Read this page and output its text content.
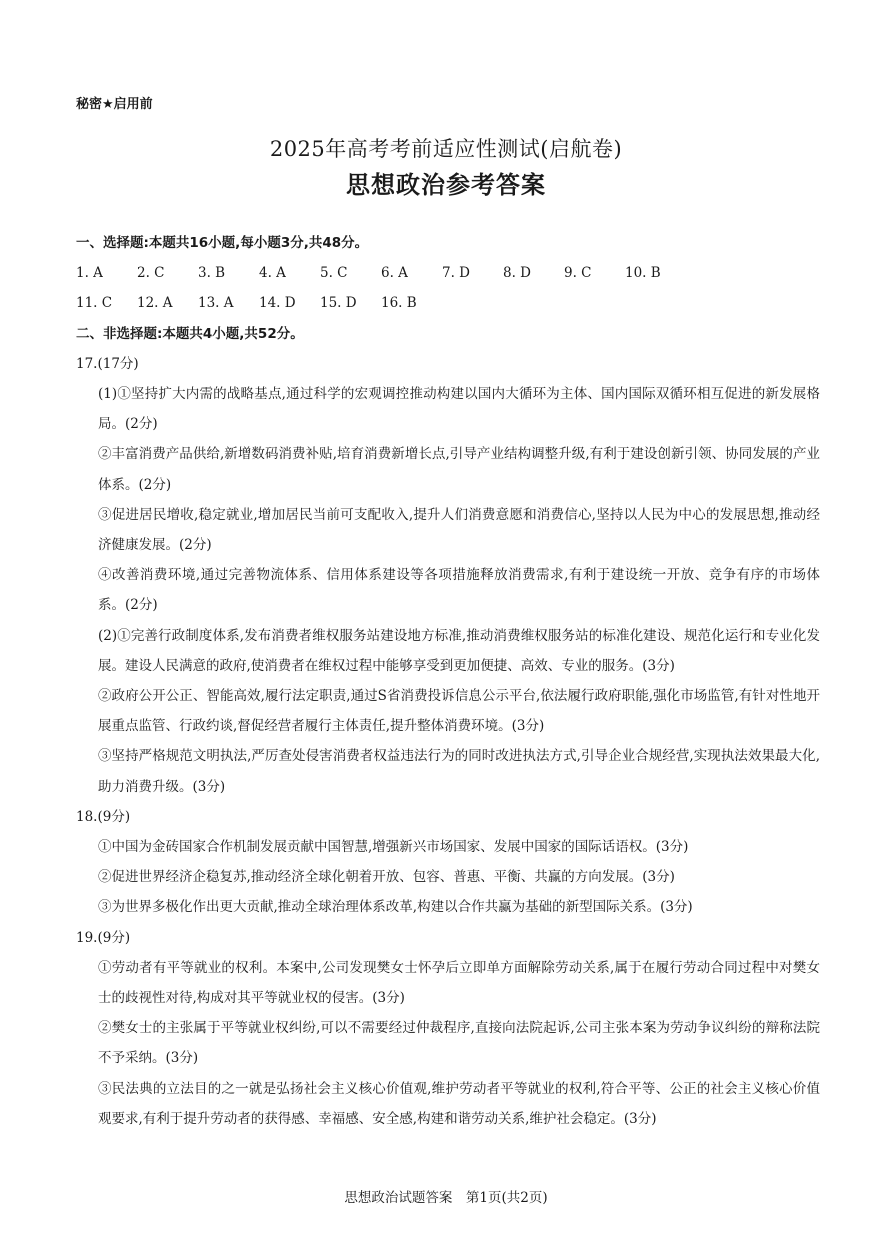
秘密★启用前
2025年高考考前适应性测试(启航卷)
思想政治参考答案
一、选择题:本题共16小题,每小题3分,共48分。
1. A	2. C	3. B	4. A	5. C	6. A	7. D	8. D	9. C	10. B
11. C	12. A	13. A	14. D	15. D	16. B
二、非选择题:本题共4小题,共52分。
17.(17分)
(1)①坚持扩大内需的战略基点,通过科学的宏观调控推动构建以国内大循环为主体、国内国际双循环相互促进的新发展格局。(2分)
②丰富消费产品供给,新增数码消费补贴,培育消费新增长点,引导产业结构调整升级,有利于建设创新引领、协同发展的产业体系。(2分)
③促进居民增收,稳定就业,增加居民当前可支配收入,提升人们消费意愿和消费信心,坚持以人民为中心的发展思想,推动经济健康发展。(2分)
④改善消费环境,通过完善物流体系、信用体系建设等各项措施释放消费需求,有利于建设统一开放、竞争有序的市场体系。(2分)
(2)①完善行政制度体系,发布消费者维权服务站建设地方标准,推动消费维权服务站的标准化建设、规范化运行和专业化发展。建设人民满意的政府,使消费者在维权过程中能够享受到更加便捷、高效、专业的服务。(3分)
②政府公开公正、智能高效,履行法定职责,通过S省消费投诉信息公示平台,依法履行政府职能,强化市场监管,有针对性地开展重点监管、行政约谈,督促经营者履行主体责任,提升整体消费环境。(3分)
③坚持严格规范文明执法,严厉查处侵害消费者权益违法行为的同时改进执法方式,引导企业合规经营,实现执法效果最大化,助力消费升级。(3分)
18.(9分)
①中国为金砖国家合作机制发展贡献中国智慧,增强新兴市场国家、发展中国家的国际话语权。(3分)
②促进世界经济企稳复苏,推动经济全球化朝着开放、包容、普惠、平衡、共赢的方向发展。(3分)
③为世界多极化作出更大贡献,推动全球治理体系改革,构建以合作共赢为基础的新型国际关系。(3分)
19.(9分)
①劳动者有平等就业的权利。本案中,公司发现樊女士怀孕后立即单方面解除劳动关系,属于在履行劳动合同过程中对樊女士的歧视性对待,构成对其平等就业权的侵害。(3分)
②樊女士的主张属于平等就业权纠纷,可以不需要经过仲裁程序,直接向法院起诉,公司主张本案为劳动争议纠纷的辩称法院不予采纳。(3分)
③民法典的立法目的之一就是弘扬社会主义核心价值观,维护劳动者平等就业的权利,符合平等、公正的社会主义核心价值观要求,有利于提升劳动者的获得感、幸福感、安全感,构建和谐劳动关系,维护社会稳定。(3分)
思想政治试题答案　第1页(共2页)
